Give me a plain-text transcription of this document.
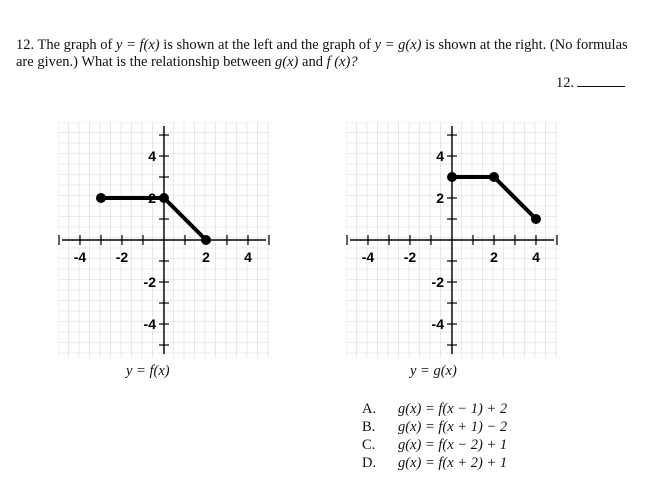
12. The graph of y = f(x) is shown at the left and the graph of y = g(x) is shown at the right. (No formulas are given.) What is the relationship between g(x) and f (x)?
12.
-4 -2	2 4
4
2
-2
-4
-4 -2	2 4
4
2
-2
-4
y = f(x)	y = g(x)
A.	g(x) = f(x − 1) + 2
B.	g(x) = f(x + 1) − 2
C.	g(x) = f(x − 2) + 1
D.	g(x) = f(x + 2) + 1
